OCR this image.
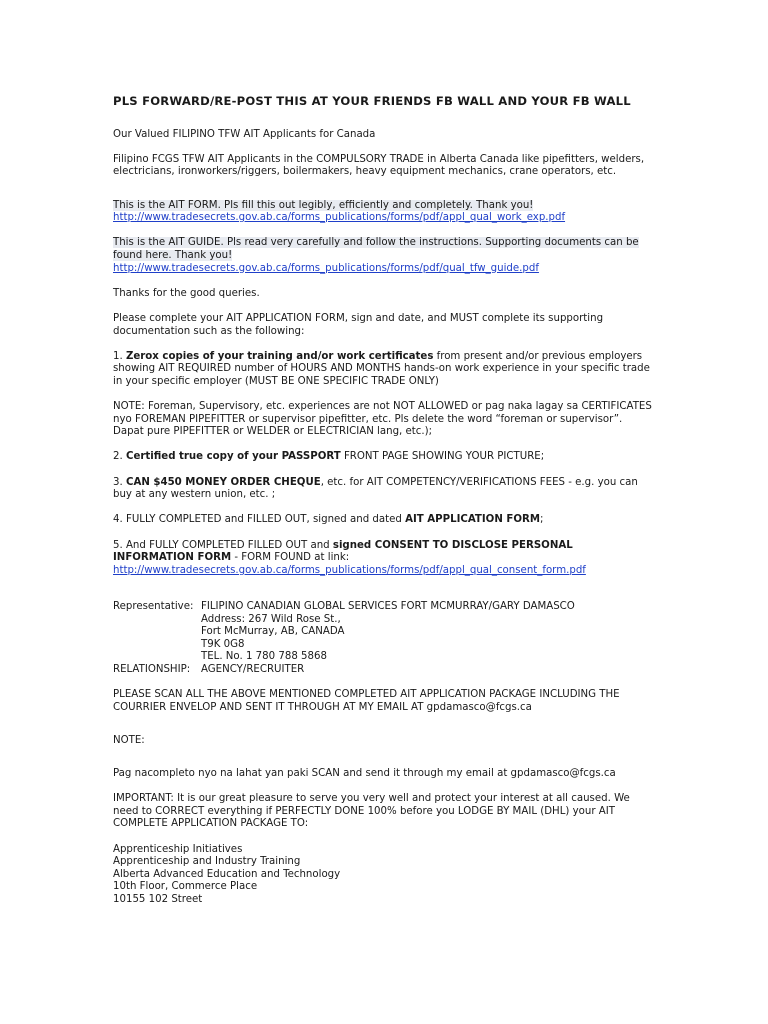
PLS FORWARD/RE-POST THIS AT YOUR FRIENDS FB WALL AND YOUR FB WALL

Our Valued FILIPINO TFW AIT Applicants for Canada

Filipino FCGS TFW AIT Applicants in the COMPULSORY TRADE in Alberta Canada like pipefitters, welders, electricians, ironworkers/riggers, boilermakers, heavy equipment mechanics, crane operators, etc.

This is the AIT FORM. Pls fill this out legibly, efficiently and completely. Thank you!
http://www.tradesecrets.gov.ab.ca/forms_publications/forms/pdf/appl_qual_work_exp.pdf

This is the AIT GUIDE. Pls read very carefully and follow the instructions. Supporting documents can be found here. Thank you!
http://www.tradesecrets.gov.ab.ca/forms_publications/forms/pdf/qual_tfw_guide.pdf

Thanks for the good queries.

Please complete your AIT APPLICATION FORM, sign and date, and MUST complete its supporting documentation such as the following:

1. Zerox copies of your training and/or work certificates from present and/or previous employers showing AIT REQUIRED number of HOURS AND MONTHS hands-on work experience in your specific trade in your specific employer (MUST BE ONE SPECIFIC TRADE ONLY)

NOTE: Foreman, Supervisory, etc. experiences are not NOT ALLOWED or pag naka lagay sa CERTIFICATES nyo FOREMAN PIPEFITTER or supervisor pipefitter, etc. Pls delete the word “foreman or supervisor”. Dapat pure PIPEFITTER or WELDER or ELECTRICIAN lang, etc.);

2. Certified true copy of your PASSPORT FRONT PAGE SHOWING YOUR PICTURE;

3. CAN $450 MONEY ORDER CHEQUE, etc. for AIT COMPETENCY/VERIFICATIONS FEES - e.g. you can buy at any western union, etc. ;

4. FULLY COMPLETED and FILLED OUT, signed and dated AIT APPLICATION FORM;

5. And FULLY COMPLETED FILLED OUT and signed CONSENT TO DISCLOSE PERSONAL INFORMATION FORM - FORM FOUND at link: http://www.tradesecrets.gov.ab.ca/forms_publications/forms/pdf/appl_qual_consent_form.pdf

Representative: FILIPINO CANADIAN GLOBAL SERVICES FORT MCMURRAY/GARY DAMASCO
Address: 267 Wild Rose St.,
Fort McMurray, AB, CANADA
T9K 0G8
TEL. No. 1 780 788 5868
RELATIONSHIP:	AGENCY/RECRUITER

PLEASE SCAN ALL THE ABOVE MENTIONED COMPLETED AIT APPLICATION PACKAGE INCLUDING THE COURRIER ENVELOP AND SENT IT THROUGH AT MY EMAIL AT gpdamasco@fcgs.ca

NOTE:

Pag nacompleto nyo na lahat yan paki SCAN and send it through my email at gpdamasco@fcgs.ca

IMPORTANT: It is our great pleasure to serve you very well and protect your interest at all caused. We need to CORRECT everything if PERFECTLY DONE 100% before you LODGE BY MAIL (DHL) your AIT COMPLETE APPLICATION PACKAGE TO:

Apprenticeship Initiatives
Apprenticeship and Industry Training
Alberta Advanced Education and Technology
10th Floor, Commerce Place
10155 102 Street
